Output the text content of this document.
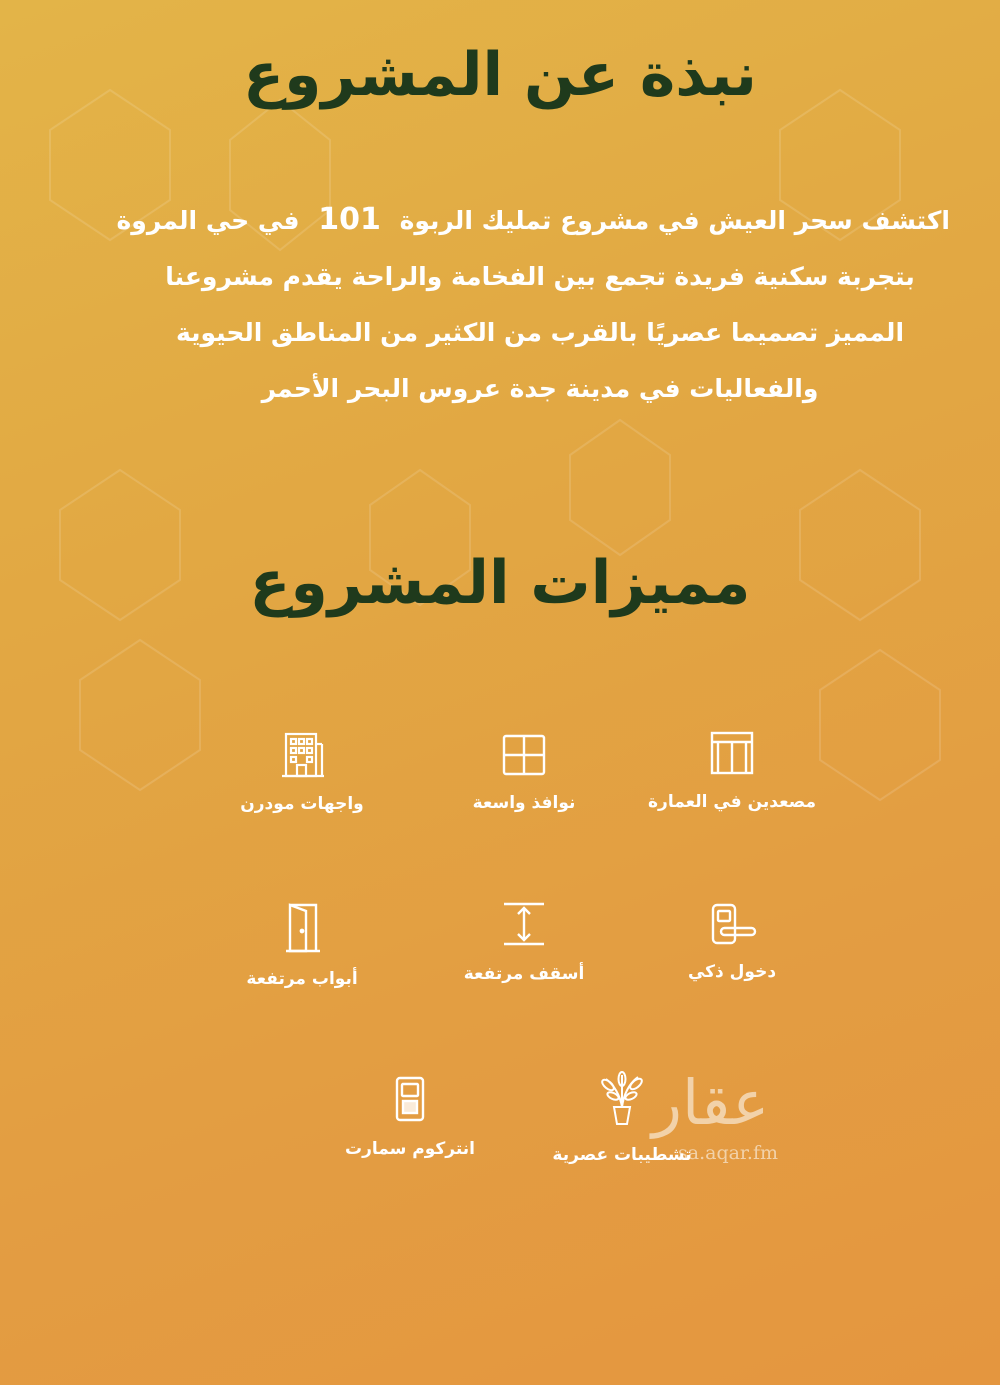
نبذة عن المشروع
اكتشف سحر العيش في مشروع تمليك الربوة 101 في حي المروة
بتجربة سكنية فريدة تجمع بين الفخامة والراحة يقدم مشروعنا
المميز تصميما عصريًا بالقرب من الكثير من المناطق الحيوية
والفعاليات في مدينة جدة عروس البحر الأحمر
مميزات المشروع
مصعدين في العمارة
نوافذ واسعة
واجهات مودرن
دخول ذكي
أسقف مرتفعة
أبواب مرتفعة
تشطيبات عصرية
انتركوم سمارت
عقار
sa.aqar.fm
